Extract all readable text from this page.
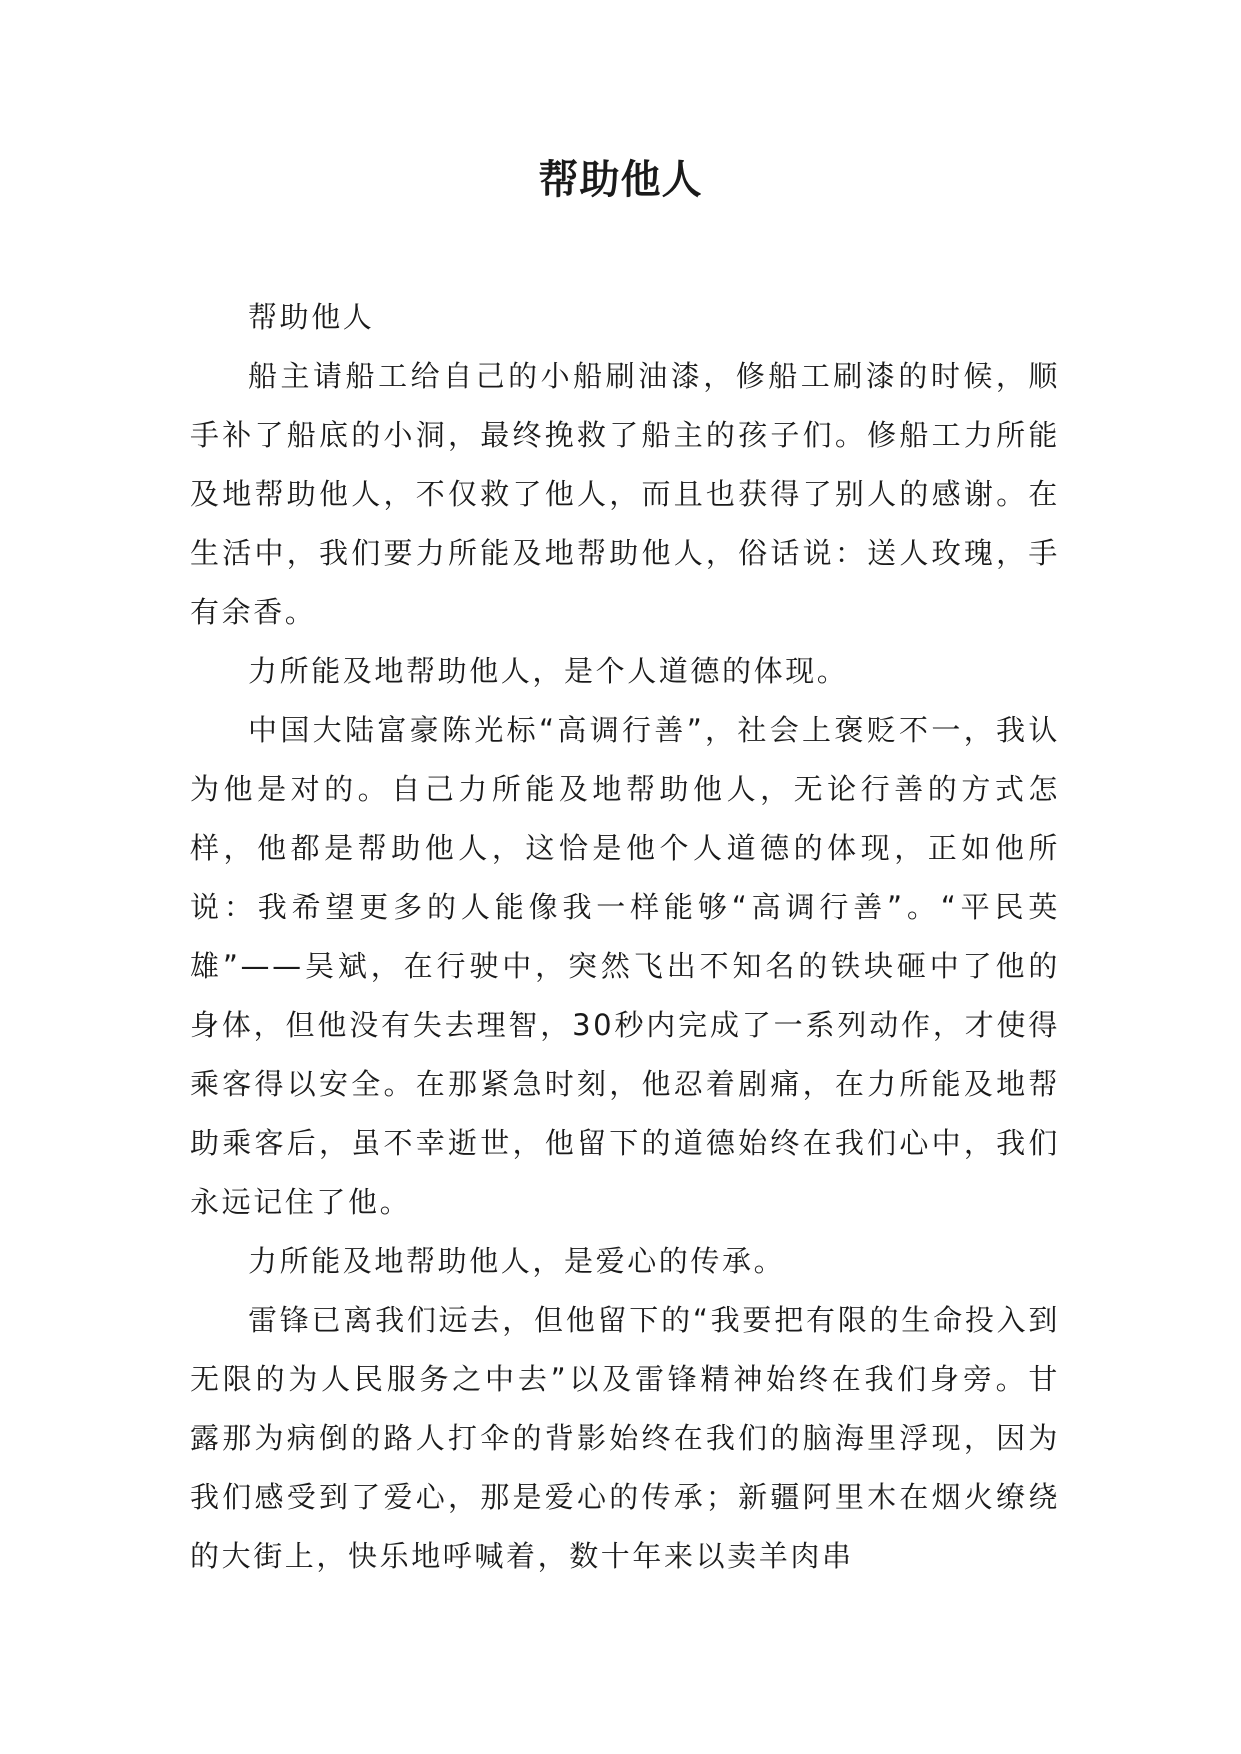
帮助他人

帮助他人

船主请船工给自己的小船刷油漆，修船工刷漆的时候，顺手补了船底的小洞，最终挽救了船主的孩子们。修船工力所能及地帮助他人，不仅救了他人，而且也获得了别人的感谢。在生活中，我们要力所能及地帮助他人，俗话说：送人玫瑰，手有余香。

力所能及地帮助他人，是个人道德的体现。

中国大陆富豪陈光标“高调行善”，社会上褒贬不一，我认为他是对的。自己力所能及地帮助他人，无论行善的方式怎样，他都是帮助他人，这恰是他个人道德的体现，正如他所说：我希望更多的人能像我一样能够“高调行善”。“平民英雄”——吴斌，在行驶中，突然飞出不知名的铁块砸中了他的身体，但他没有失去理智，30秒内完成了一系列动作，才使得乘客得以安全。在那紧急时刻，他忍着剧痛，在力所能及地帮助乘客后，虽不幸逝世，他留下的道德始终在我们心中，我们永远记住了他。

力所能及地帮助他人，是爱心的传承。

雷锋已离我们远去，但他留下的“我要把有限的生命投入到无限的为人民服务之中去”以及雷锋精神始终在我们身旁。甘露那为病倒的路人打伞的背影始终在我们的脑海里浮现，因为我们感受到了爱心，那是爱心的传承；新疆阿里木在烟火缭绕的大街上，快乐地呼喊着，数十年来以卖羊肉串
